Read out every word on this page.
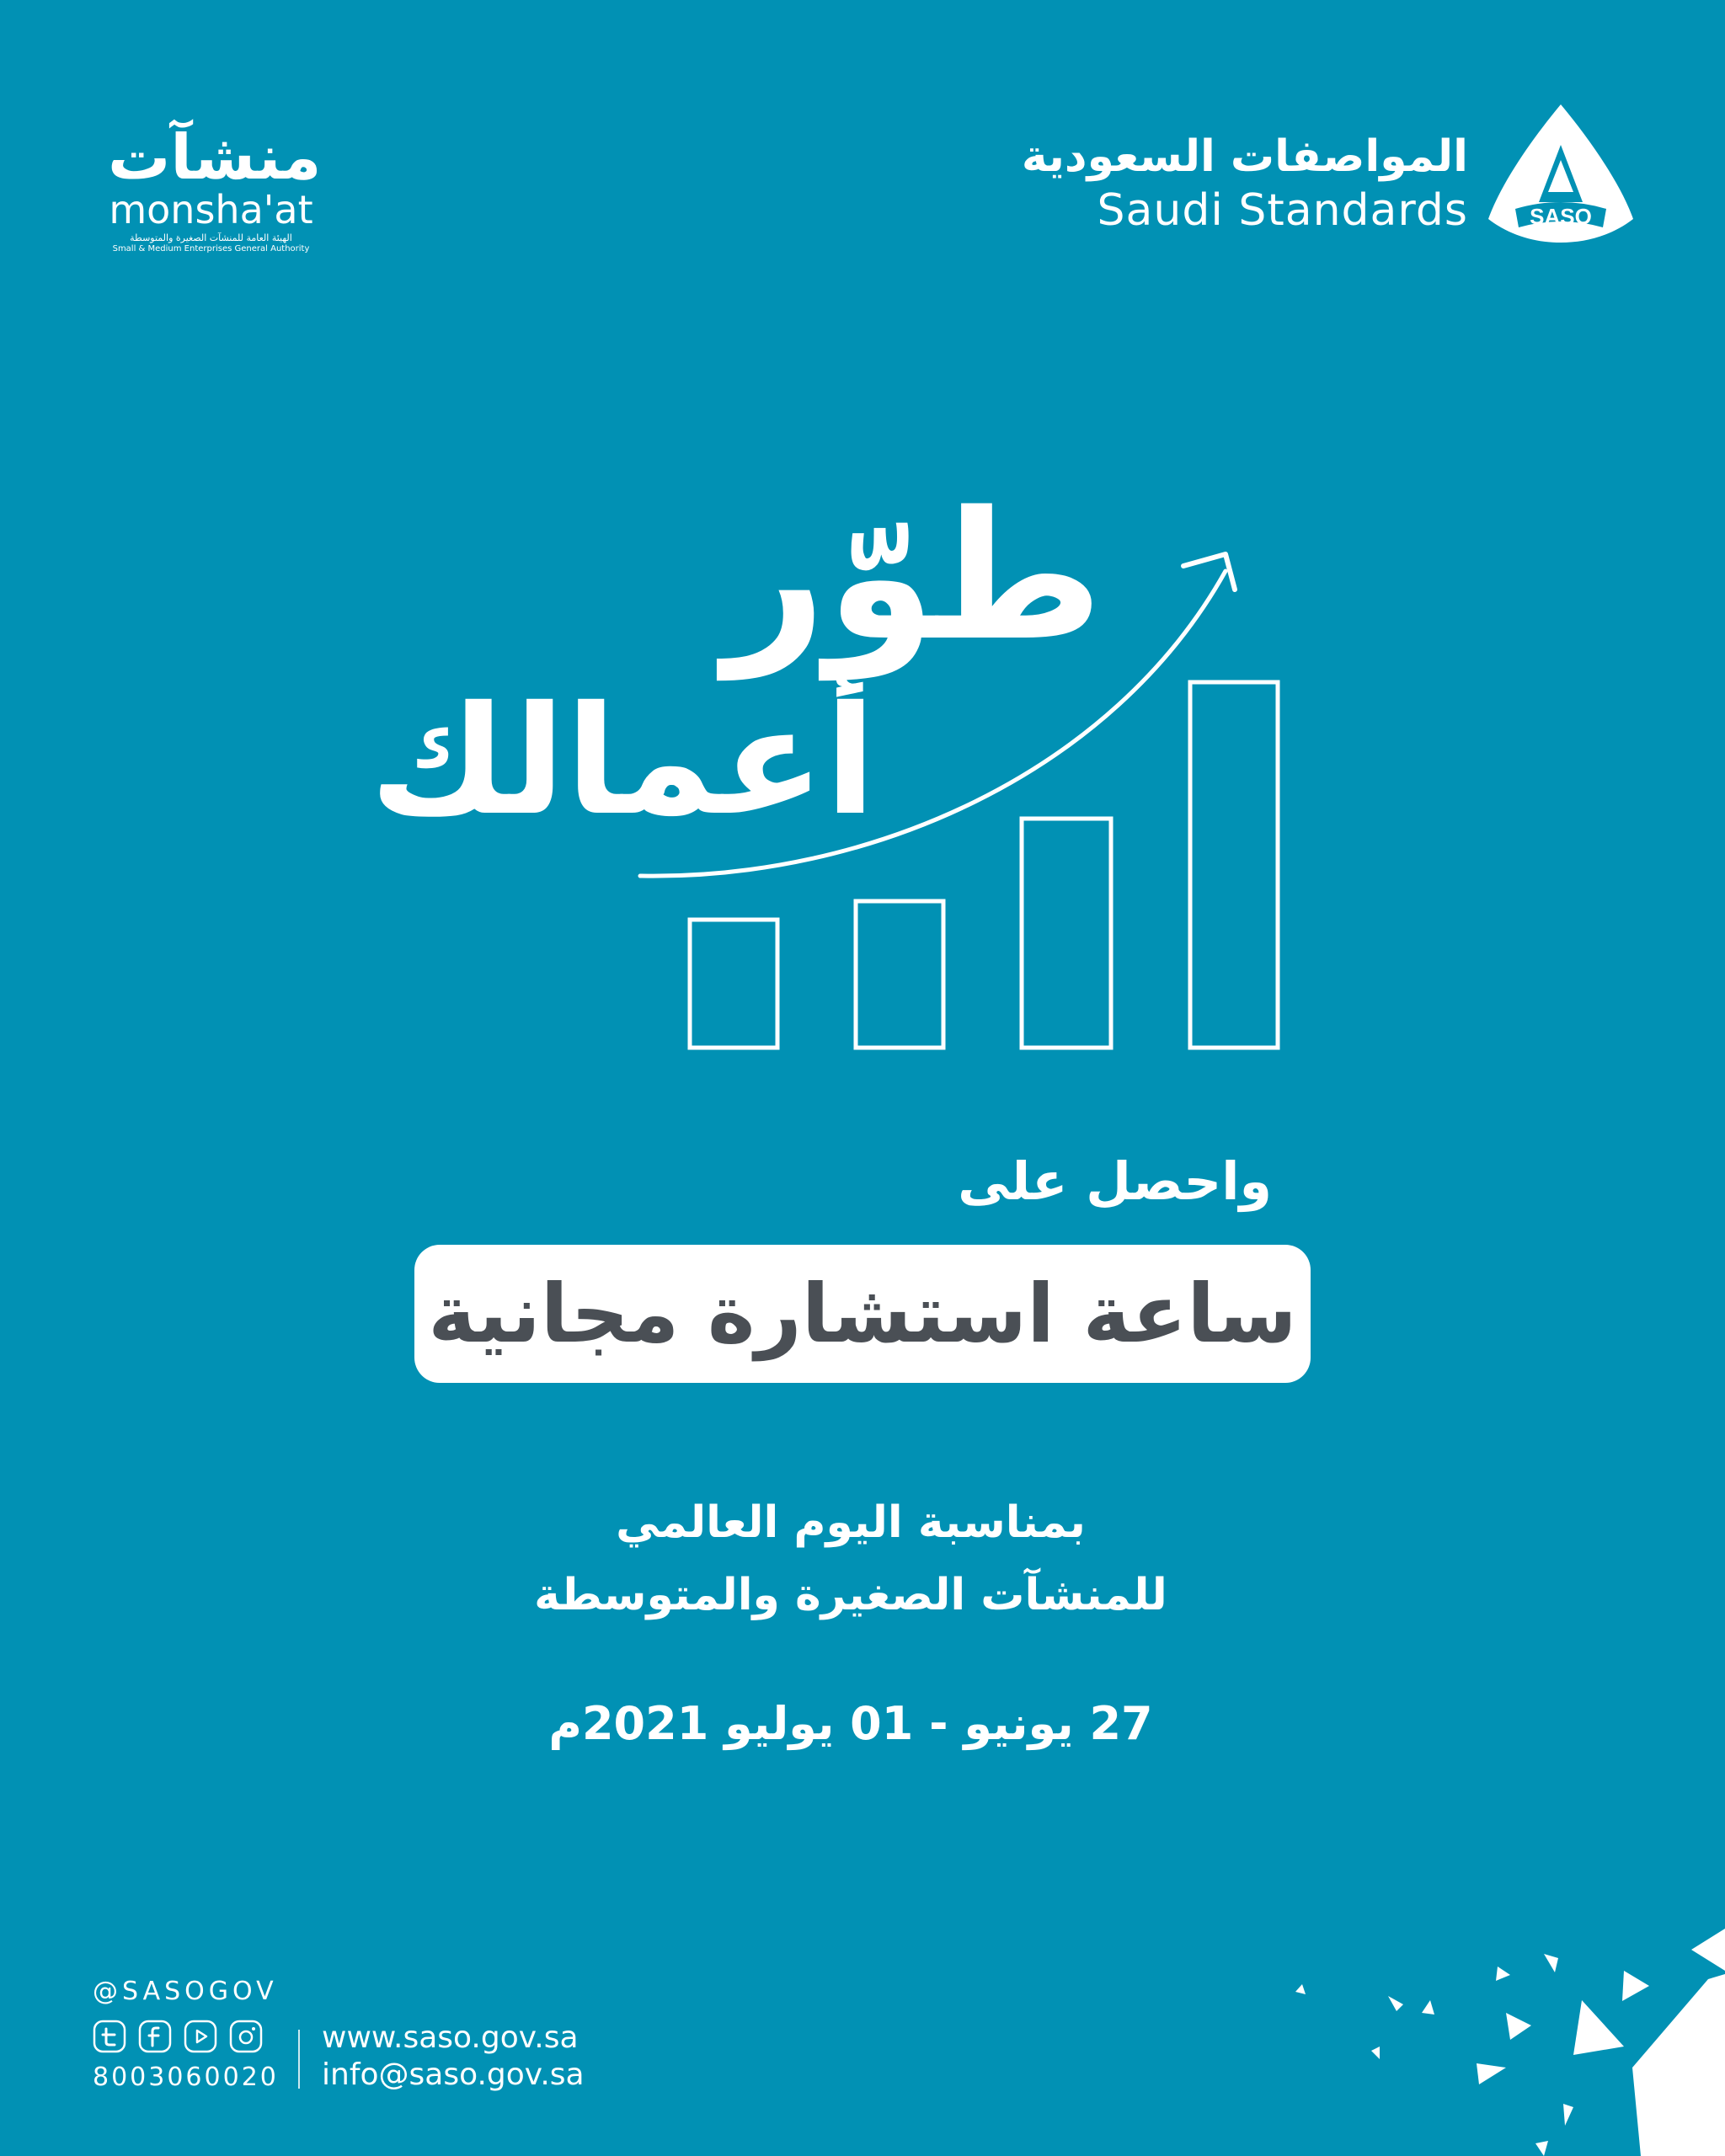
SASO
المواصفات السعودية
Saudi Standards
منشآت
monsha'at
الهيئة العامة للمنشآت الصغيرة والمتوسطة
Small & Medium Enterprises General Authority
طوّر
أعمالك
واحصل على
ساعة استشارة مجانية
بمناسبة اليوم العالمي
للمنشآت الصغيرة والمتوسطة
27 يونيو - 01 يوليو 2021م
@SASOGOV
8003060020
www.saso.gov.sa
info@saso.gov.sa
